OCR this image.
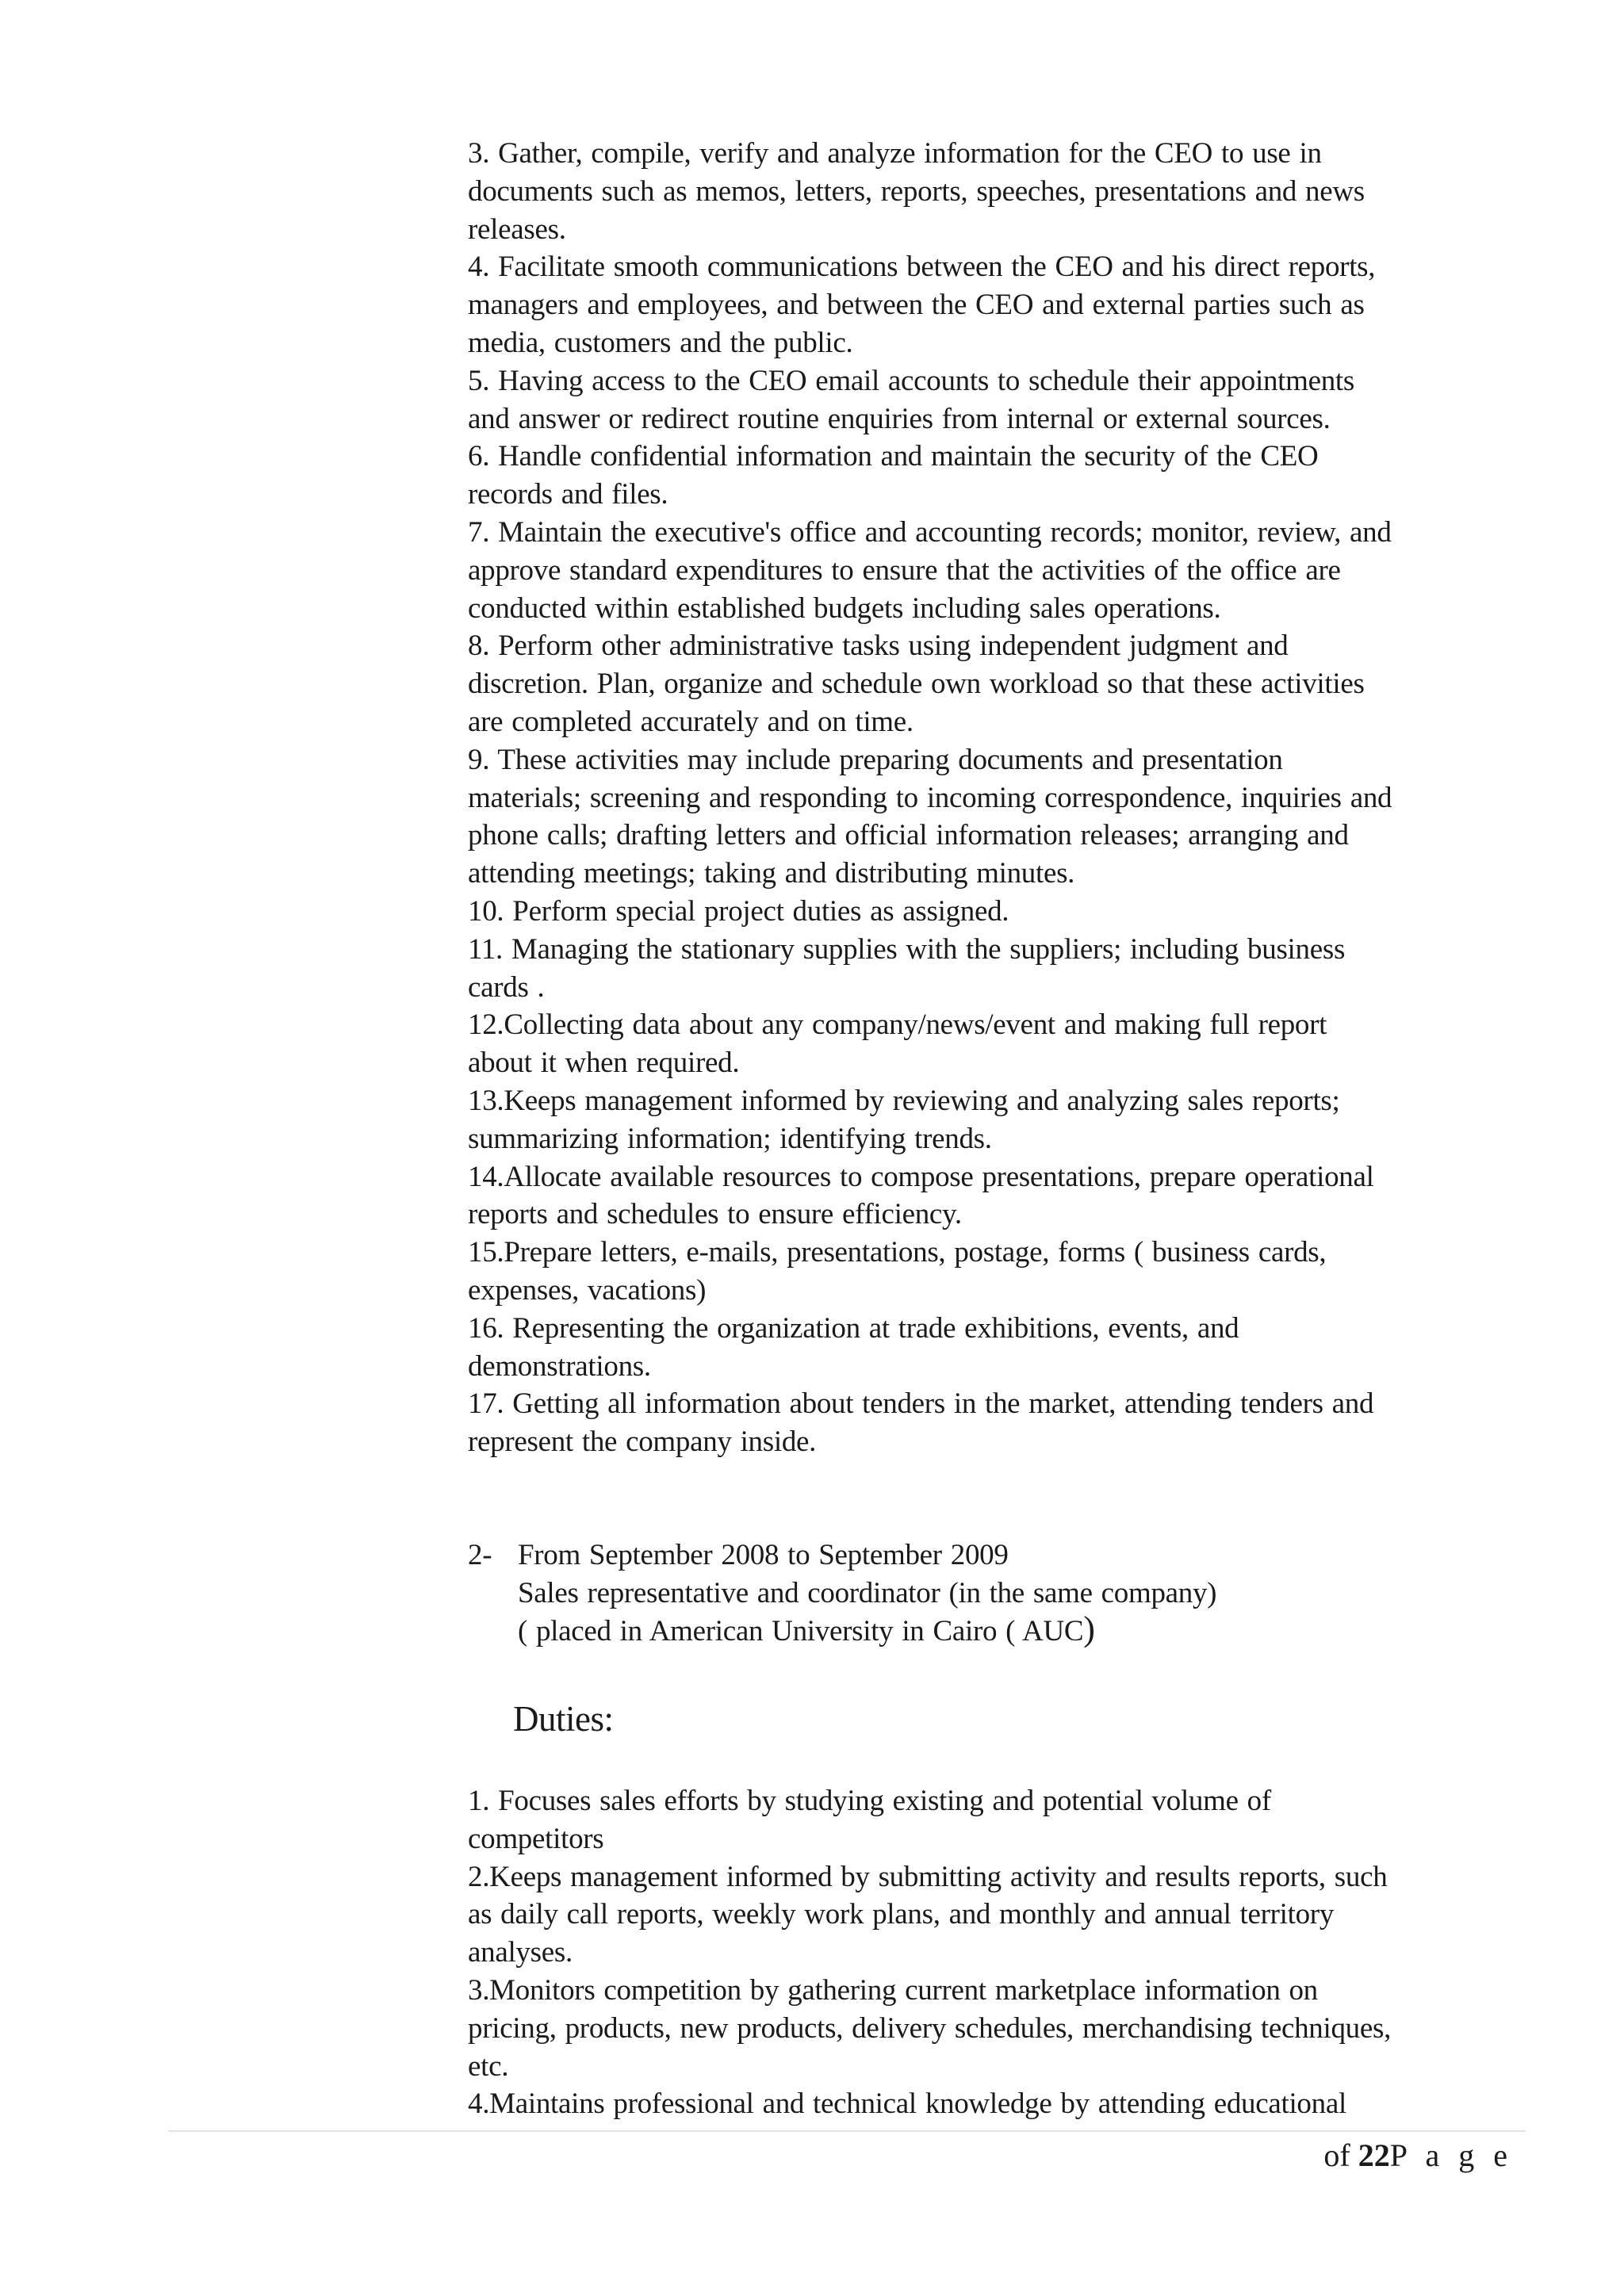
3. Gather, compile, verify and analyze information for the CEO to use in
documents such as memos, letters, reports, speeches, presentations and news
releases.
4. Facilitate smooth communications between the CEO and his direct reports,
managers and employees, and between the CEO and external parties such as
media, customers and the public.
5. Having access to the CEO email accounts to schedule their appointments
and answer or redirect routine enquiries from internal or external sources.
6. Handle confidential information and maintain the security of the CEO
records and files.
7. Maintain the executive's office and accounting records; monitor, review, and
approve standard expenditures to ensure that the activities of the office are
conducted within established budgets including sales operations.
8. Perform other administrative tasks using independent judgment and
discretion. Plan, organize and schedule own workload so that these activities
are completed accurately and on time.
9. These activities may include preparing documents and presentation
materials; screening and responding to incoming correspondence, inquiries and
phone calls; drafting letters and official information releases; arranging and
attending meetings; taking and distributing minutes.
10. Perform special project duties as assigned.
11. Managing the stationary supplies with the suppliers; including business
cards .
12.Collecting data about any company/news/event and making full report
about it when required.
13.Keeps management informed by reviewing and analyzing sales reports;
summarizing information; identifying trends.
14.Allocate available resources to compose presentations, prepare operational
reports and schedules to ensure efficiency.
15.Prepare letters, e-mails, presentations, postage, forms ( business cards,
expenses, vacations)
16. Representing the organization at trade exhibitions, events, and
demonstrations.
17. Getting all information about tenders in the market, attending tenders and
represent the company inside.
2- From September 2008 to September 2009
Sales representative and coordinator (in the same company)
( placed in American University in Cairo ( AUC)
Duties:
1. Focuses sales efforts by studying existing and potential volume of
competitors
2.Keeps management informed by submitting activity and results reports, such
as daily call reports, weekly work plans, and monthly and annual territory
analyses.
3.Monitors competition by gathering current marketplace information on
pricing, products, new products, delivery schedules, merchandising techniques,
etc.
4.Maintains professional and technical knowledge by attending educational
of 22P a g e
